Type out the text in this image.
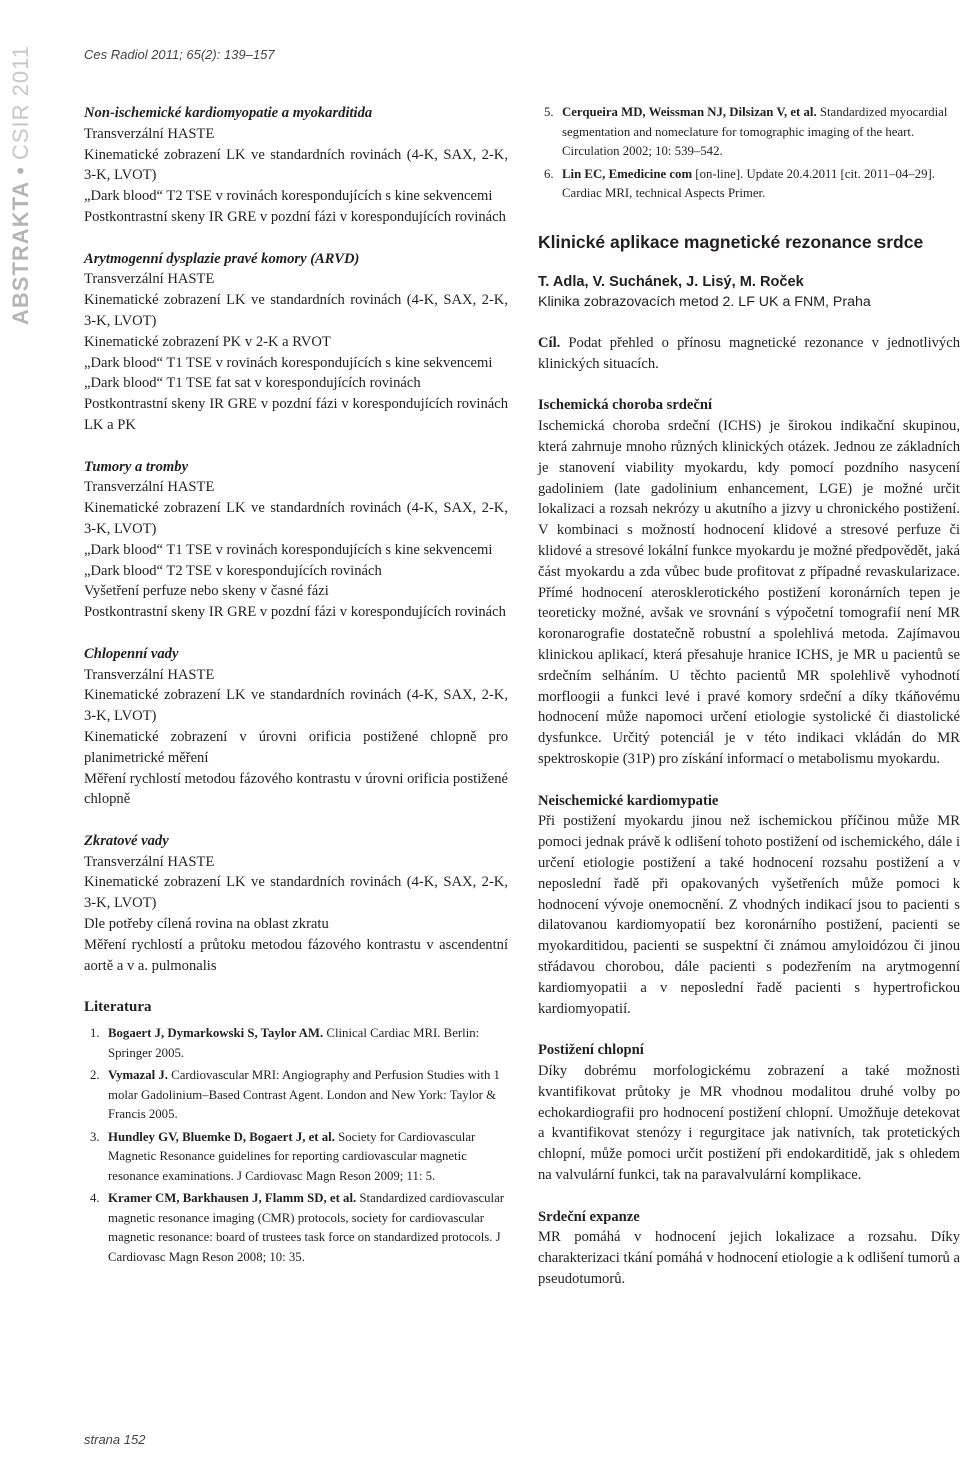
ABSTRAKTA•CSIR 2011	Ces Radiol 2011; 65(2): 139–157
Non-ischemické kardiomyopatie a myokarditida
Transverzální HASTE
Kinematické zobrazení LK ve standardních rovinách (4-K, SAX, 2-K, 3-K, LVOT)
„Dark blood“ T2 TSE v rovinách korespondujících s kine sekvencemi
Postkontrastní skeny IR GRE v pozdní fázi v korespondujících rovinách
Arytmogenní dysplazie pravé komory (ARVD)
Transverzální HASTE
Kinematické zobrazení LK ve standardních rovinách (4-K, SAX, 2-K, 3-K, LVOT)
Kinematické zobrazení PK v 2-K a RVOT
„Dark blood“ T1 TSE v rovinách korespondujících s kine sekvencemi
„Dark blood“ T1 TSE fat sat v korespondujících rovinách
Postkontrastní skeny IR GRE v pozdní fázi v korespondujících rovinách LK a PK
Tumory a tromby
Transverzální HASTE
Kinematické zobrazení LK ve standardních rovinách (4-K, SAX, 2-K, 3-K, LVOT)
„Dark blood“ T1 TSE v rovinách korespondujících s kine sekvencemi
„Dark blood“ T2 TSE v korespondujících rovinách
Vyšetření perfuze nebo skeny v časné fázi
Postkontrastní skeny IR GRE v pozdní fázi v korespondujících rovinách
Chlopenní vady
Transverzální HASTE
Kinematické zobrazení LK ve standardních rovinách (4-K, SAX, 2-K, 3-K, LVOT)
Kinematické zobrazení v úrovni orificia postižené chlopně pro planimetrické měření
Měření rychlostí metodou fázového kontrastu v úrovni orificia postižené chlopně
Zkratové vady
Transverzální HASTE
Kinematické zobrazení LK ve standardních rovinách (4-K, SAX, 2-K, 3-K, LVOT)
Dle potřeby cílená rovina na oblast zkratu
Měření rychlostí a průtoku metodou fázového kontrastu v ascendentní aortě a v a. pulmonalis
Literatura
1. Bogaert J, Dymarkowski S, Taylor AM. Clinical Cardiac MRI. Berlin: Springer 2005.
2. Vymazal J. Cardiovascular MRI: Angiography and Perfusion Studies with 1 molar Gadolinium–Based Contrast Agent. London and New York: Taylor & Francis 2005.
3. Hundley GV, Bluemke D, Bogaert J, et al. Society for Cardiovascular Magnetic Resonance guidelines for reporting cardiovascular magnetic resonance examinations. J Cardiovasc Magn Reson 2009; 11: 5.
4. Kramer CM, Barkhausen J, Flamm SD, et al. Standardized cardiovascular magnetic resonance imaging (CMR) protocols, society for cardiovascular magnetic resonance: board of trustees task force on standardized protocols. J Cardiovasc Magn Reson 2008; 10: 35.
5. Cerqueira MD, Weissman NJ, Dilsizan V, et al. Standardized myocardial segmentation and nomeclature for tomographic imaging of the heart. Circulation 2002; 10: 539–542.
6. Lin EC, Emedicine com [on-line]. Update 20.4.2011 [cit. 2011–04–29]. Cardiac MRI, technical Aspects Primer.
Klinické aplikace magnetické rezonance srdce
T. Adla, V. Suchánek, J. Lisý, M. Roček
Klinika zobrazovacích metod 2. LF UK a FNM, Praha
Cíl. Podat přehled o přínosu magnetické rezonance v jednotlivých klinických situacích.
Ischemická choroba srdeční
Ischemická choroba srdeční (ICHS) je širokou indikační skupinou, která zahrnuje mnoho různých klinických otázek. Jednou ze základních je stanovení viability myokardu, kdy pomocí pozdního nasycení gadoliniem (late gadolinium enhancement, LGE) je možné určit lokalizaci a rozsah nekrózy u akutního a jizvy u chronického postižení. V kombinaci s možností hodnocení klidové a stresové perfuze či klidové a stresové lokální funkce myokardu je možné předpovědět, jaká část myokardu a zda vůbec bude profitovat z případné revaskularizace. Přímé hodnocení aterosklerotického postižení koronárních tepen je teoreticky možné, avšak ve srovnání s výpočetní tomografií není MR koronarografie dostatečně robustní a spolehlivá metoda. Zajímavou klinickou aplikací, která přesahuje hranice ICHS, je MR u pacientů se srdečním selháním. U těchto pacientů MR spolehlivě vyhodnotí morfloogii a funkci levé i pravé komory srdeční a díky tkáňovému hodnocení může napomoci určení etiologie systolické či diastolické dysfunkce. Určitý potenciál je v této indikaci vkládán do MR spektroskopie (31P) pro získání informací o metabolismu myokardu.
Neischemické kardiomypatie
Při postižení myokardu jinou než ischemickou příčinou může MR pomoci jednak právě k odlišení tohoto postižení od ischemického, dále i určení etiologie postižení a také hodnocení rozsahu postižení a v neposlední řadě při opakovaných vyšetřeních může pomoci k hodnocení vývoje onemocnění. Z vhodných indikací jsou to pacienti s dilatovanou kardiomyopatií bez koronárního postižení, pacienti se myokarditidou, pacienti se suspektní či známou amyloidózou či jinou střádavou chorobou, dále pacienti s podezřením na arytmogenní kardiomyopatii a v neposlední řadě pacienti s hypertrofickou kardiomyopatií.
Postižení chlopní
Díky dobrému morfologickému zobrazení a také možnosti kvantifikovat průtoky je MR vhodnou modalitou druhé volby po echokardiografii pro hodnocení postižení chlopní. Umožňuje detekovat a kvantifikovat stenózy i regurgitace jak nativních, tak protetických chlopní, může pomoci určit postižení při endokarditidě, jak s ohledem na valvulární funkci, tak na paravalvulární komplikace.
Srdeční expanze
MR pomáhá v hodnocení jejich lokalizace a rozsahu. Díky charakterizaci tkání pomáhá v hodnocení etiologie a k odlišení tumorů a pseudotumorů.
strana 152
